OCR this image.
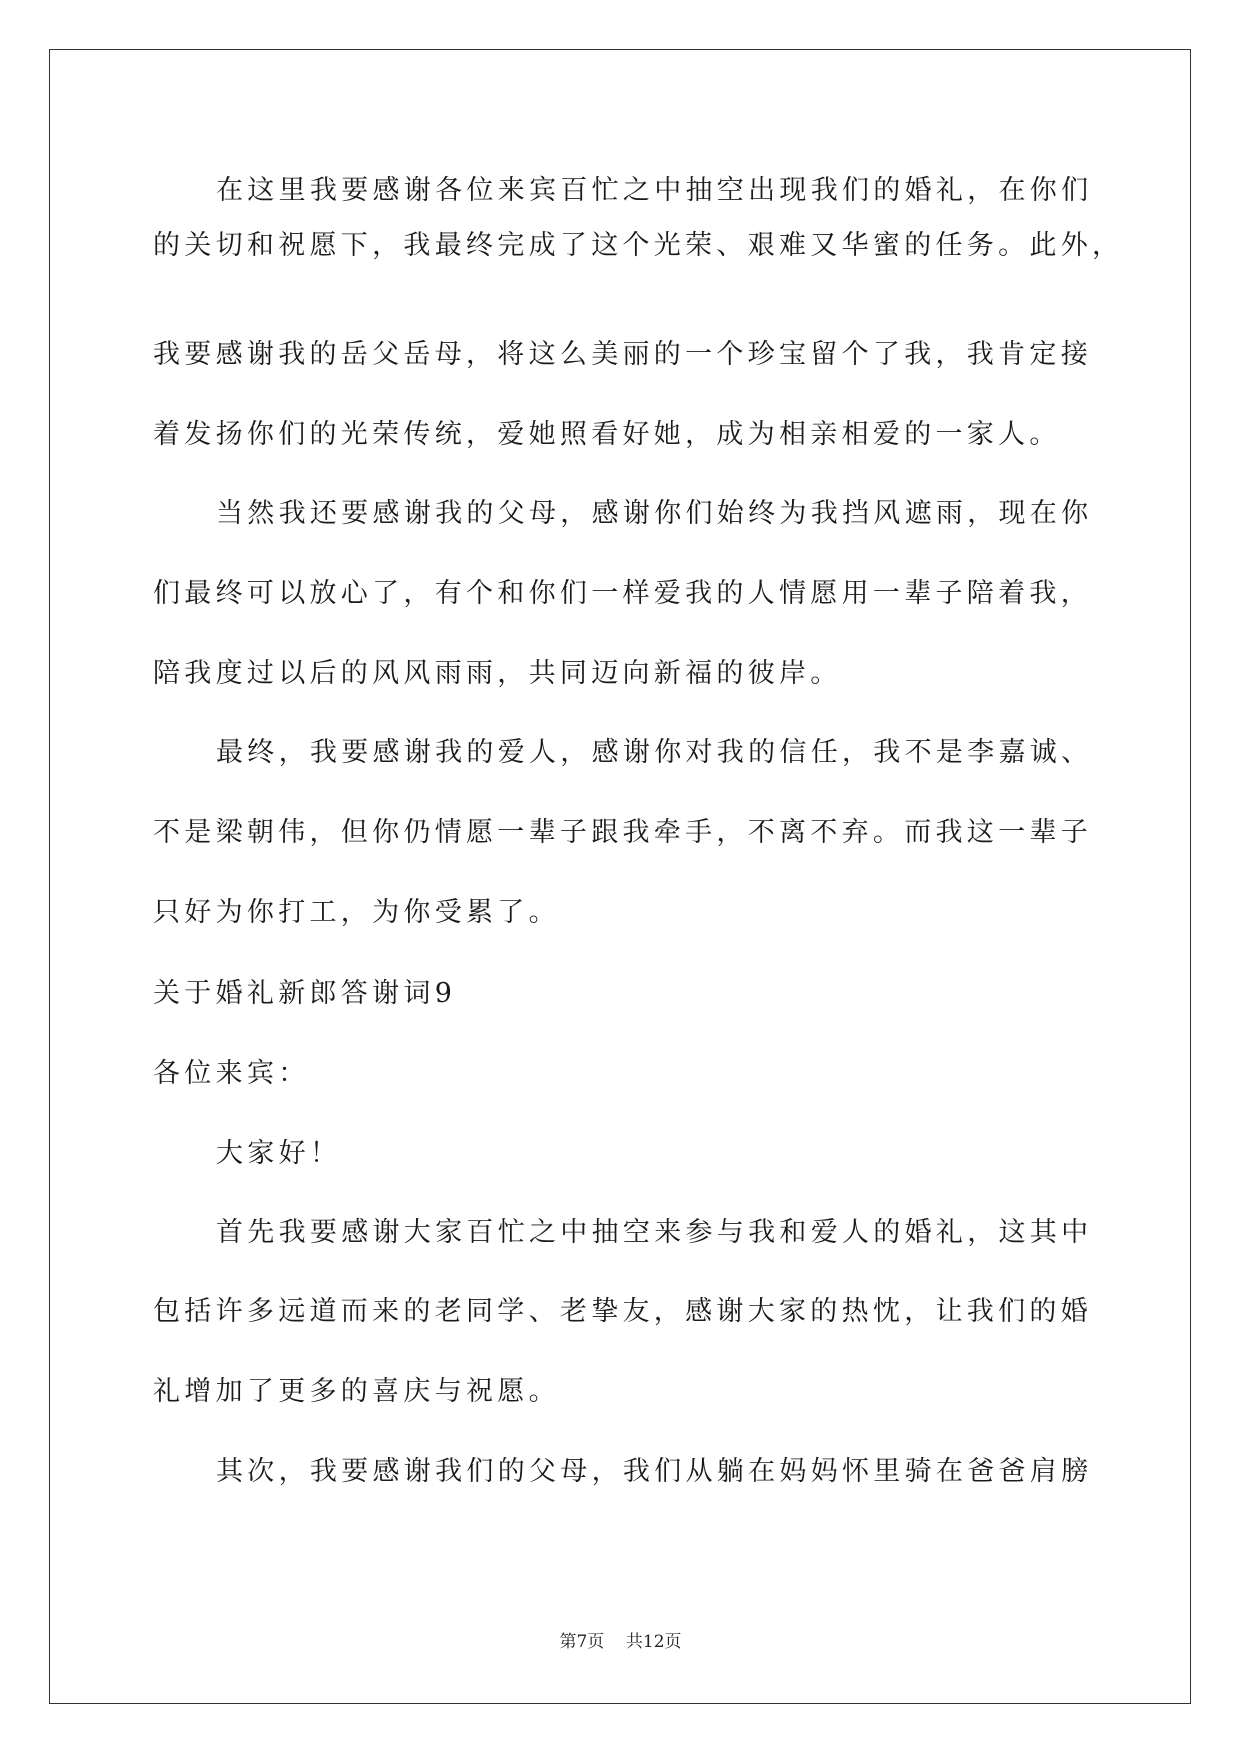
在这里我要感谢各位来宾百忙之中抽空出现我们的婚礼，在你们
的关切和祝愿下，我最终完成了这个光荣、艰难又华蜜的任务。此外，
我要感谢我的岳父岳母，将这么美丽的一个珍宝留个了我，我肯定接
着发扬你们的光荣传统，爱她照看好她，成为相亲相爱的一家人。
当然我还要感谢我的父母，感谢你们始终为我挡风遮雨，现在你
们最终可以放心了，有个和你们一样爱我的人情愿用一辈子陪着我，
陪我度过以后的风风雨雨，共同迈向新福的彼岸。
最终，我要感谢我的爱人，感谢你对我的信任，我不是李嘉诚、
不是梁朝伟，但你仍情愿一辈子跟我牵手，不离不弃。而我这一辈子
只好为你打工，为你受累了。
关于婚礼新郎答谢词9
各位来宾：
大家好！
首先我要感谢大家百忙之中抽空来参与我和爱人的婚礼，这其中
包括许多远道而来的老同学、老挚友，感谢大家的热忱，让我们的婚
礼增加了更多的喜庆与祝愿。
其次，我要感谢我们的父母，我们从躺在妈妈怀里骑在爸爸肩膀
第7页    共12页
